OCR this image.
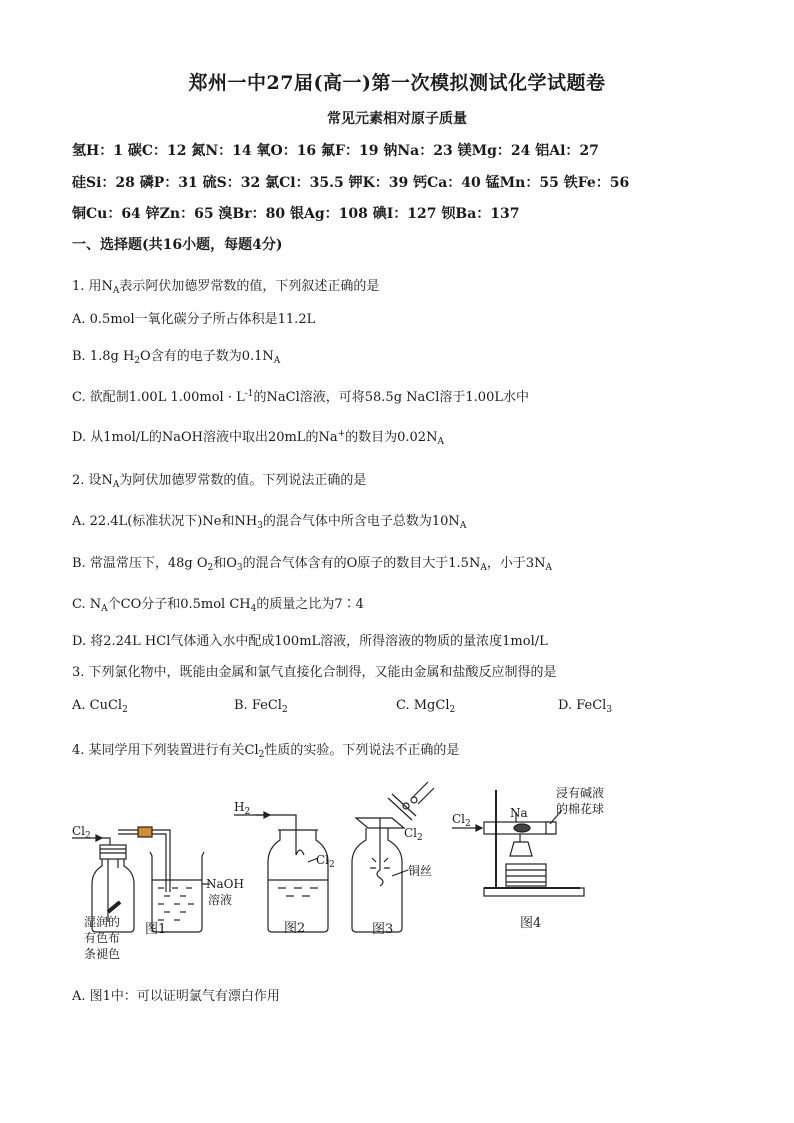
郑州一中27届(高一)第一次模拟测试化学试题卷
常见元素相对原子质量
氢H：1 碳C：12 氮N：14 氧O：16 氟F：19 钠Na：23 镁Mg：24 铝Al：27
硅Si：28 磷P：31 硫S：32 氯Cl：35.5 钾K：39 钙Ca：40 锰Mn：55 铁Fe：56
铜Cu：64 锌Zn：65 溴Br：80 银Ag：108 碘I：127 钡Ba：137
一、选择题(共16小题，每题4分)
1. 用$N_A$表示阿伏加德罗常数的值，下列叙述正确的是
A. 0.5mol一氧化碳分子所占体积是11.2L
B. 1.8g $H_2O$含有的电子数为$0.1N_A$
C. 欲配制1.00L $1.00mol \cdot L^{-1}$的NaCl溶液，可将58.5g NaCl溶于1.00L水中
D. 从1mol/L的NaOH溶液中取出20mL的Na+的数目为$0.02N_A$
2. 设$N_A$为阿伏加德罗常数的值。下列说法正确的是
A. 22.4L(标准状况下)Ne和$NH_3$的混合气体中所含电子总数为$10N_A$
B. 常温常压下，48g $O_2$和$O_3$的混合气体含有的O原子的数目大于$1.5N_A$，小于$3N_A$
C. $N_A$个CO分子和0.5mol $CH_4$的质量之比为7∶4
D. 将2.24L HCl气体通入水中配成100mL溶液，所得溶液的物质的量浓度1mol/L
3. 下列氯化物中，既能由金属和氯气直接化合制得，又能由金属和盐酸反应制得的是
A. CuCl$_2$	B. FeCl$_2$	C. MgCl$_2$	D. FeCl$_3$
4. 某同学用下列装置进行有关$Cl_2$性质的实验。下列说法不正确的是
$Cl_2$
NaOH
溶液
湿润的
有色布
条褪色
图1
$H_2$
$Cl_2$
图2
$Cl_2$
铜丝
图3
$Cl_2$
Na
浸有碱液
的棉花球
图4
A. 图1中：可以证明氯气有漂白作用
